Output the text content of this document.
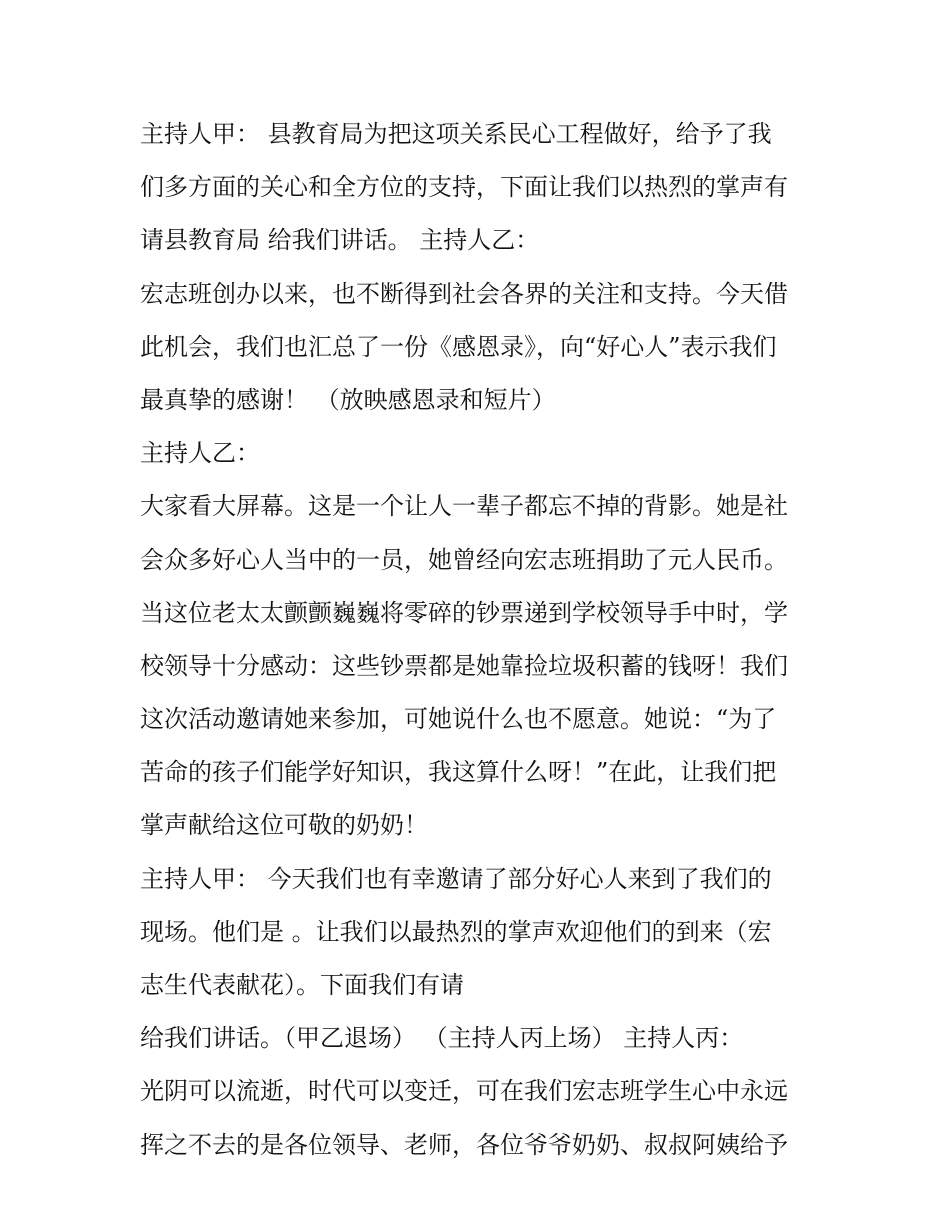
主持人甲： 县教育局为把这项关系民心工程做好，给予了我
们多方面的关心和全方位的支持，下面让我们以热烈的掌声有
请县教育局 给我们讲话。 主持人乙：
宏志班创办以来，也不断得到社会各界的关注和支持。今天借
此机会，我们也汇总了一份《感恩录》，向“好心人”表示我们
最真挚的感谢！ （放映感恩录和短片）
主持人乙：
大家看大屏幕。这是一个让人一辈子都忘不掉的背影。她是社
会众多好心人当中的一员，她曾经向宏志班捐助了元人民币。
当这位老太太颤颤巍巍将零碎的钞票递到学校领导手中时，学
校领导十分感动：这些钞票都是她靠捡垃圾积蓄的钱呀！我们
这次活动邀请她来参加，可她说什么也不愿意。她说：“为了
苦命的孩子们能学好知识，我这算什么呀！”在此，让我们把
掌声献给这位可敬的奶奶！
主持人甲： 今天我们也有幸邀请了部分好心人来到了我们的
现场。他们是 。让我们以最热烈的掌声欢迎他们的到来（宏
志生代表献花）。下面我们有请
给我们讲话。（甲乙退场） （主持人丙上场） 主持人丙：
光阴可以流逝，时代可以变迁，可在我们宏志班学生心中永远
挥之不去的是各位领导、老师，各位爷爷奶奶、叔叔阿姨给予
